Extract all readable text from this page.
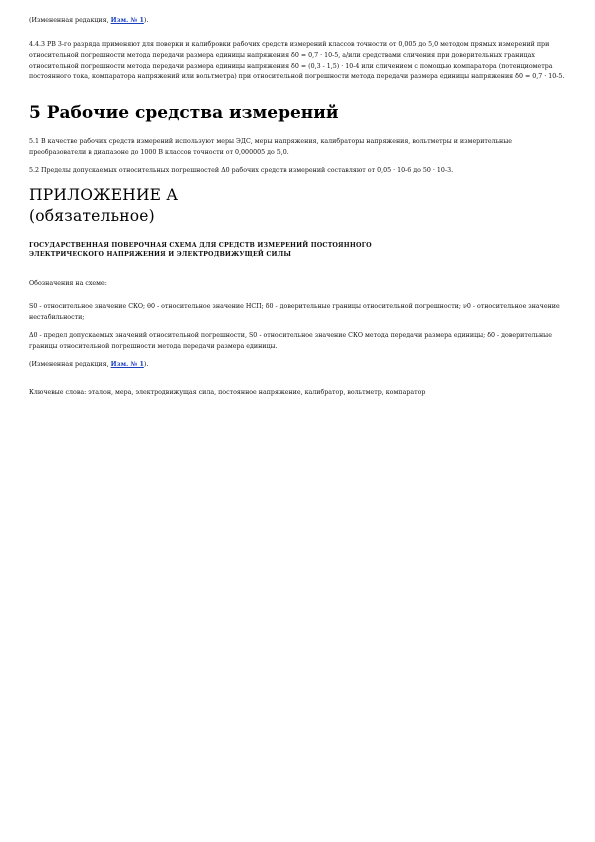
(Измененная редакция, Изм. № 1).
4.4.3 РВ 3-го разряда применяют для поверки и калибровки рабочих средств измерений классов точности от 0,005 до 5,0 методом прямых измерений при относительной погрешности метода передачи размера единицы напряжения δ0 = 0,7 · 10-5, а/или средствами сличения при доверительных границах относительной погрешности метода передачи размера единицы напряжения δ0 = (0,3 - 1,5) · 10-4 или сличением с помощью компаратора (потенциометра постоянного тока, компаратора напряжений или вольтметра) при относительной погрешности метода передачи размера единицы напряжения δ0 = 0,7 · 10-5.
5 Рабочие средства измерений
5.1 В качестве рабочих средств измерений используют меры ЭДС, меры напряжения, калибраторы напряжения, вольтметры и измерительные преобразователи в диапазоне до 1000 В классов точности от 0,000005 до 5,0.
5.2 Пределы допускаемых относительных погрешностей Δ0 рабочих средств измерений составляют от 0,05 · 10-6 до 50 · 10-3.
ПРИЛОЖЕНИЕ А
(обязательное)
ГОСУДАРСТВЕННАЯ ПОВЕРОЧНАЯ СХЕМА ДЛЯ СРЕДСТВ ИЗМЕРЕНИЙ ПОСТОЯННОГО
ЭЛЕКТРИЧЕСКОГО НАПРЯЖЕНИЯ И ЭЛЕКТРОДВИЖУЩЕЙ СИЛЫ
Обозначения на схеме:
S0 - относительное значение СКО; θ0 - относительное значение НСП; δ0 - доверительные границы относительной погрешности; ν0 - относительное значение нестабильности;
Δ0 - предел допускаемых значений относительной погрешности, S0 - относительное значение СКО метода передачи размера единицы; δ0 - доверительные границы относительной погрешности метода передачи размера единицы.
(Измененная редакция, Изм. № 1).
Ключевые слова: эталон, мера, электродвижущая сила, постоянное напряжение, калибратор, вольтметр, компаратор
